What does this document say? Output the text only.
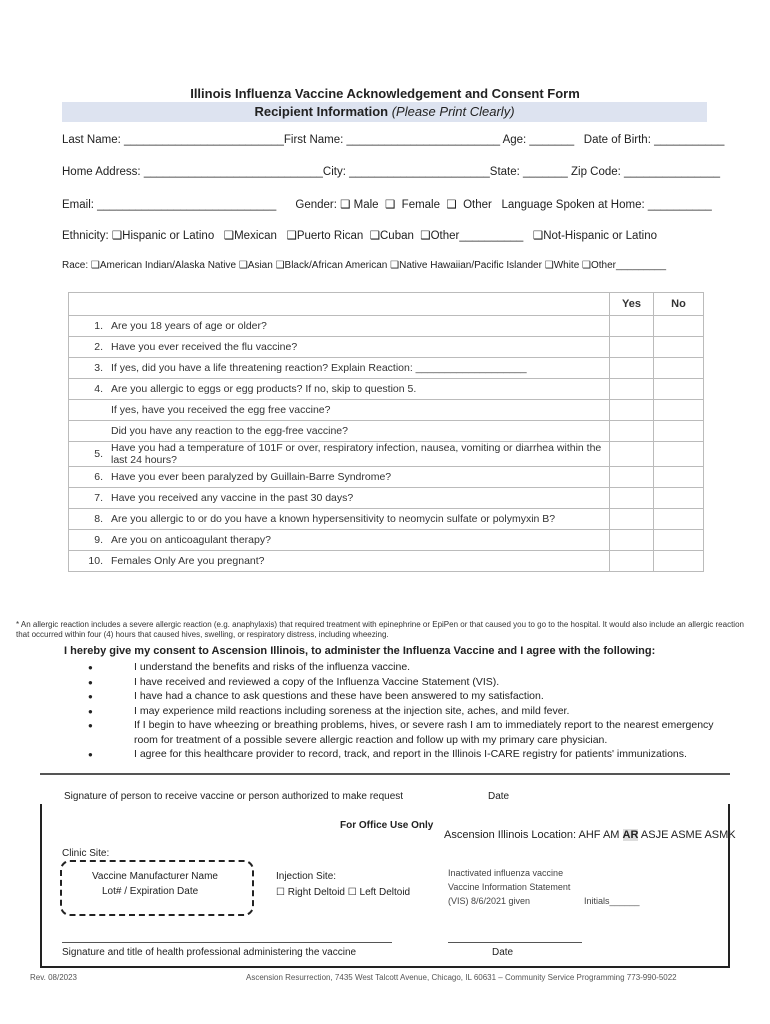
Illinois Influenza Vaccine Acknowledgement and Consent Form
Recipient Information (Please Print Clearly)
Last Name: _________________________First Name: ________________________ Age: _______   Date of Birth: ___________
Home Address: ____________________________City: ______________________State: _______ Zip Code: _______________
Email: ____________________________      Gender: ❑ Male  ❑  Female  ❑  Other   Language Spoken at Home: __________
Ethnicity: ❑Hispanic or Latino   ❑Mexican   ❑Puerto Rican  ❑Cuban  ❑Other__________   ❑Not-Hispanic or Latino
Race: ❑American Indian/Alaska Native ❑Asian ❑Black/African American ❑Native Hawaiian/Pacific Islander ❑White ❑Other_________
		Yes	No
1.	Are you 18 years of age or older?		
2.	Have you ever received the flu vaccine?		
3.	If yes, did you have a life threatening reaction? Explain Reaction: ___________________		
4.	Are you allergic to eggs or egg products? If no, skip to question 5.		
	If yes, have you received the egg free vaccine?		
	Did you have any reaction to the egg-free vaccine?		
5.	Have you had a temperature of 101F or over, respiratory infection, nausea, vomiting or diarrhea within the last 24 hours?		
6.	Have you ever been paralyzed by Guillain-Barre Syndrome?		
7.	Have you received any vaccine in the past 30 days?		
8.	Are you allergic to or do you have a known hypersensitivity to neomycin sulfate or polymyxin B?		
9.	Are you on anticoagulant therapy?		
10.	Females Only Are you pregnant?		
* An allergic reaction includes a severe allergic reaction (e.g. anaphylaxis) that required treatment with epinephrine or EpiPen or that caused you to go to the hospital. It would also include an allergic reaction that occurred within four (4) hours that caused hives, swelling, or respiratory distress, including wheezing.
I hereby give my consent to Ascension Illinois, to administer the Influenza Vaccine and I agree with the following:
● I understand the benefits and risks of the influenza vaccine.
● I have received and reviewed a copy of the Influenza Vaccine Statement (VIS).
● I have had a chance to ask questions and these have been answered to my satisfaction.
● I may experience mild reactions including soreness at the injection site, aches, and mild fever.
● If I begin to have wheezing or breathing problems, hives, or severe rash I am to immediately report to the nearest emergency room for treatment of a possible severe allergic reaction and follow up with my primary care physician.
● I agree for this healthcare provider to record, track, and report in the Illinois I-CARE registry for patients' immunizations.
Signature of person to receive vaccine or person authorized to make request	Date
For Office Use Only
Ascension Illinois Location: AHF AM AR ASJE ASME ASMK
Clinic Site:
Vaccine Manufacturer Name
Lot# / Expiration Date
Injection Site:
☐ Right Deltoid ☐ Left Deltoid
Inactivated influenza vaccine
Vaccine Information Statement
(VIS) 8/6/2021 given	Initials______
Signature and title of health professional administering the vaccine	Date
Rev. 08/2023	Ascension Resurrection, 7435 West Talcott Avenue, Chicago, IL 60631 – Community Service Programming 773-990-5022
